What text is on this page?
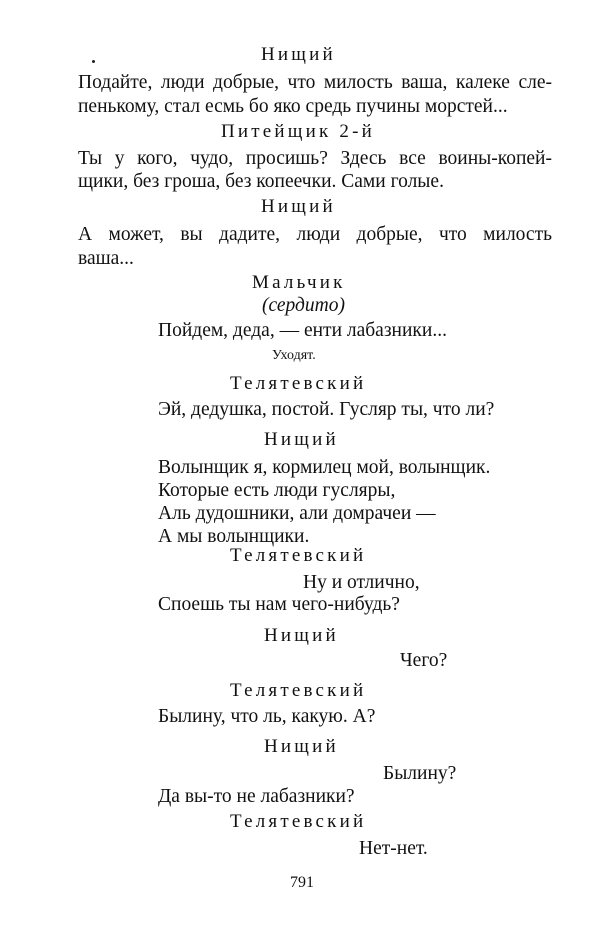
Нищий
Подайте, люди добрые, что милость ваша, калеке сле-
пенькому, стал есмь бо яко средь пучины морстей...
Питейщик 2-й
Ты у кого, чудо, просишь? Здесь все воины-копей-
щики, без гроша, без копеечки. Сами голые.
Нищий
А может, вы дадите, люди добрые, что милость
ваша...
Мальчик
(сердито)
Пойдем, деда, — енти лабазники...
Уходят.
Телятевский
Эй, дедушка, постой. Гусляр ты, что ли?
Нищий
Волынщик я, кормилец мой, волынщик.
Которые есть люди гусляры,
Аль дудошники, али домрачеи —
А мы волынщики.
Телятевский
Ну и отлично,
Споешь ты нам чего-нибудь?
Нищий
Чего?
Телятевский
Былину, что ль, какую. А?
Нищий
Былину?
Да вы-то не лабазники?
Телятевский
Нет-нет.
791
